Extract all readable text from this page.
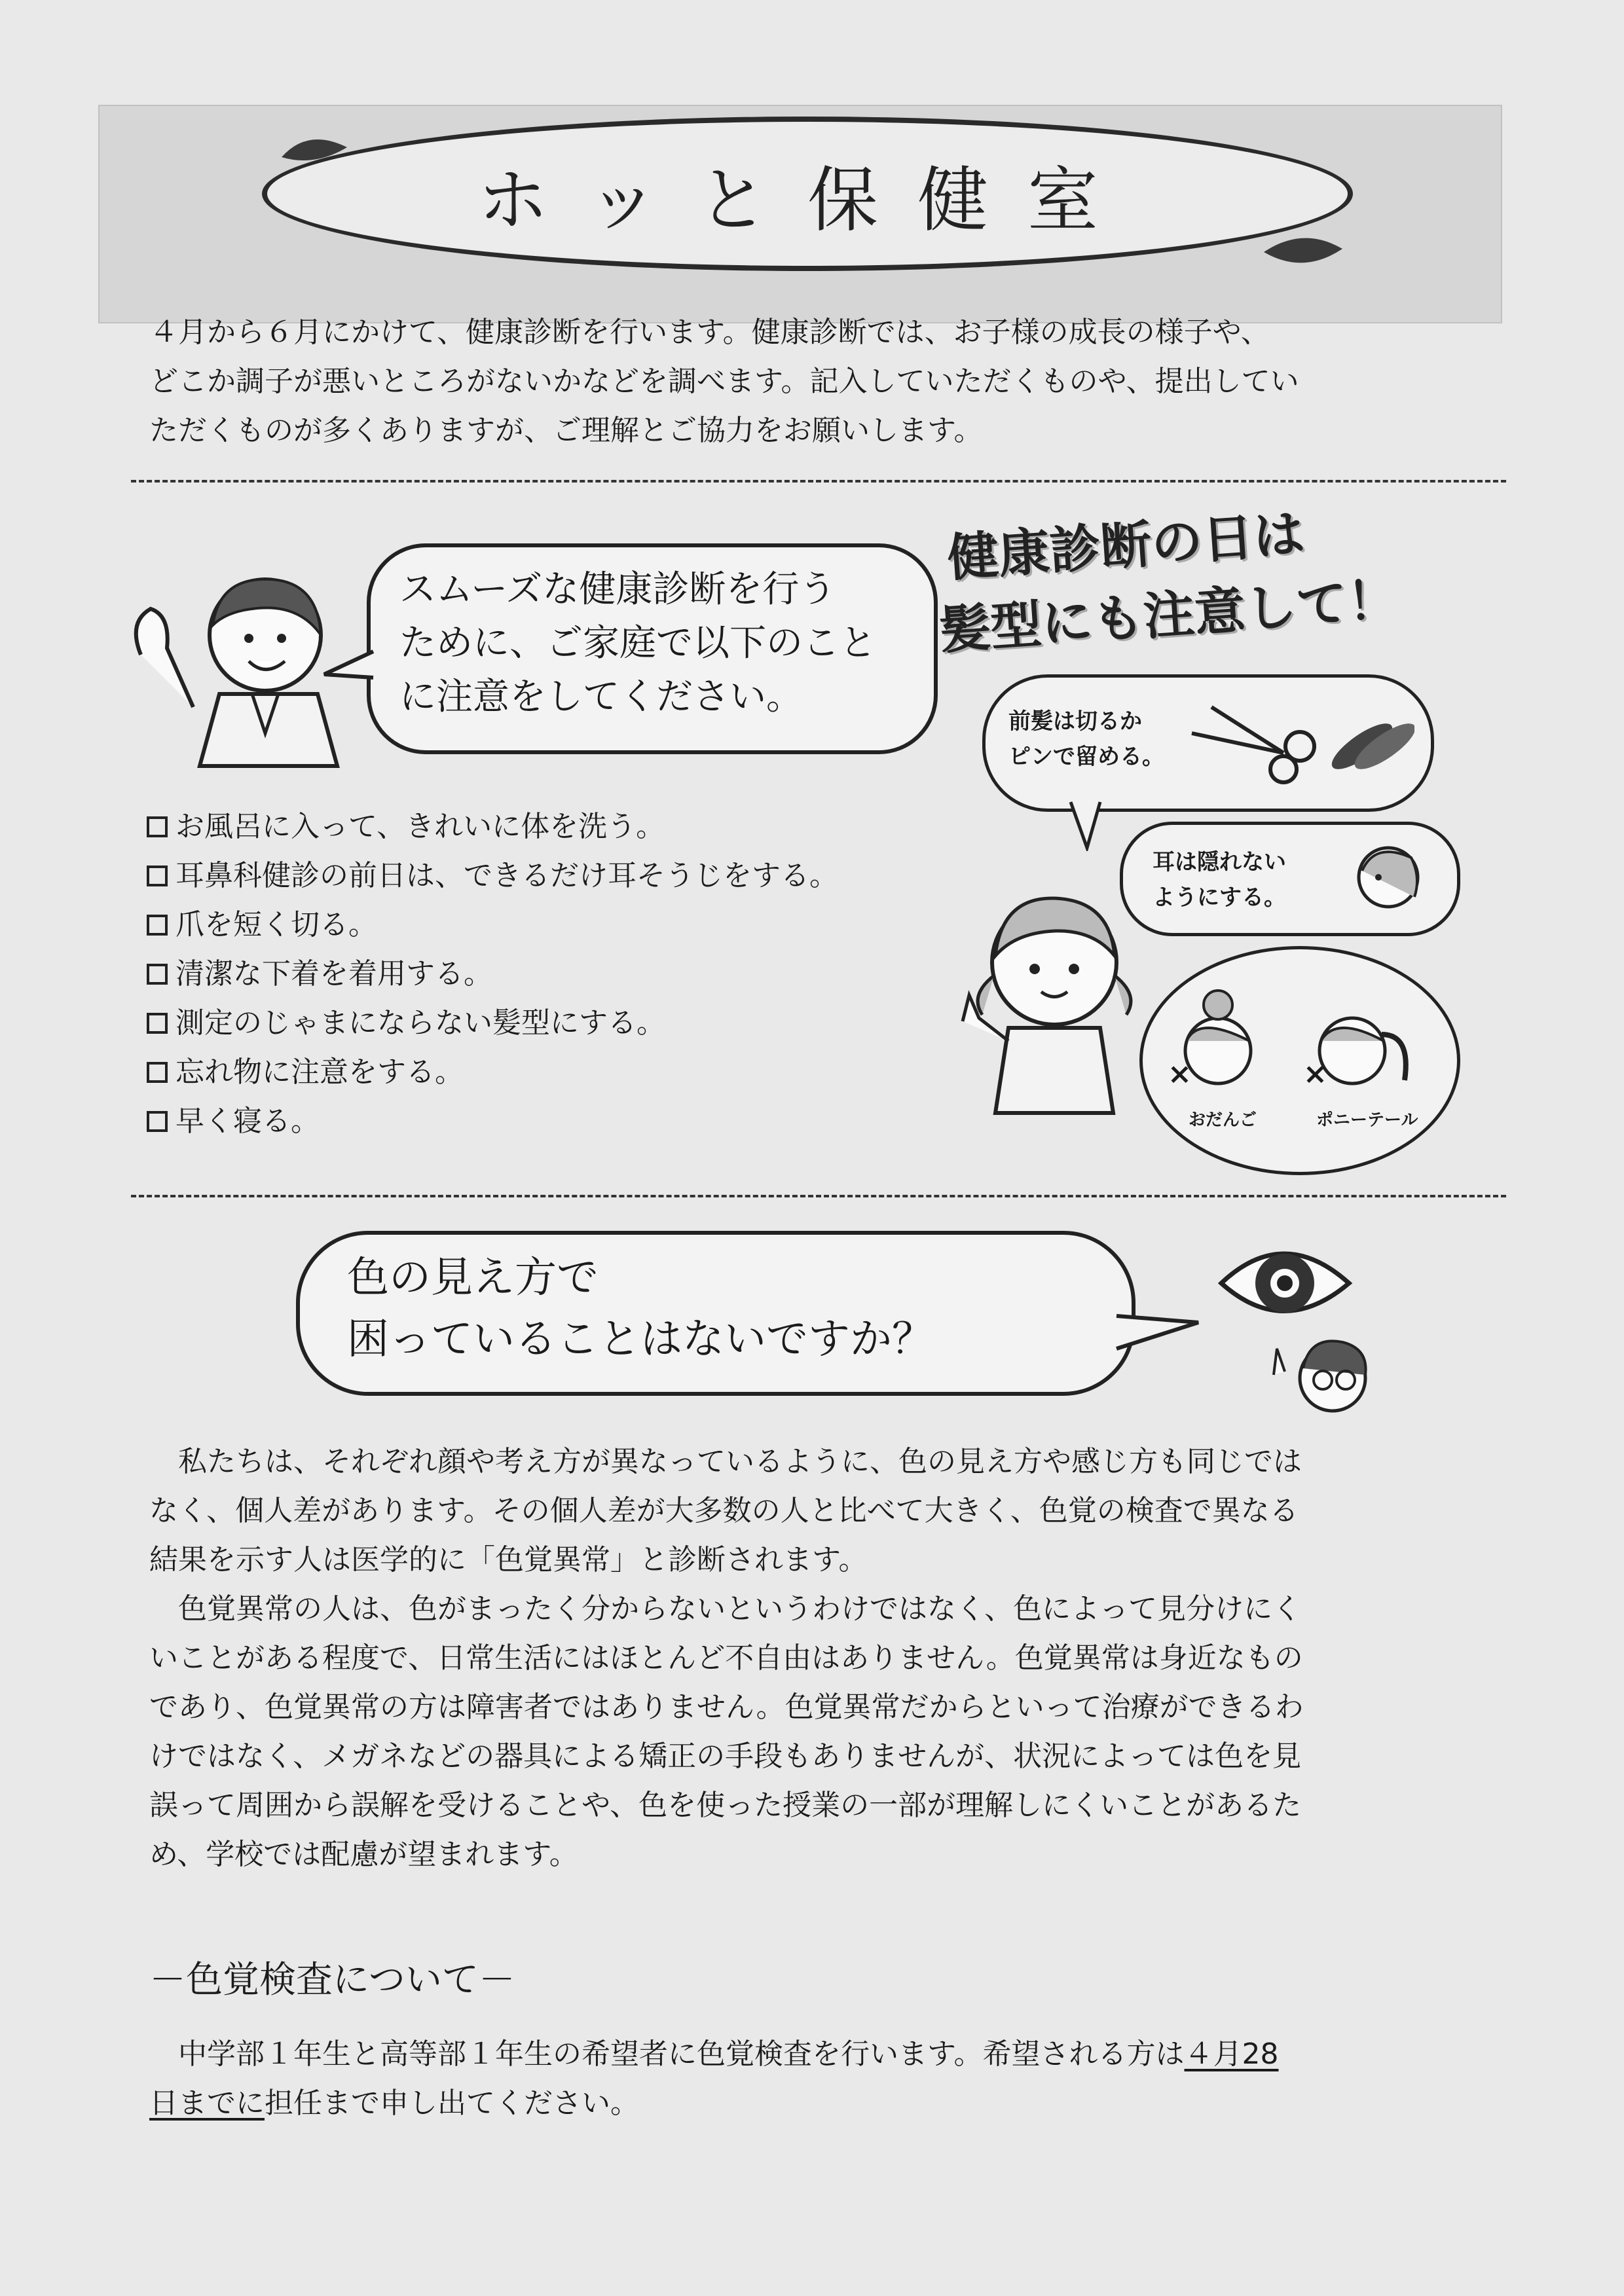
ホッと保健室
４月から６月にかけて、健康診断を行います。健康診断では、お子様の成長の様子や、
どこか調子が悪いところがないかなどを調べます。記入していただくものや、提出してい
ただくものが多くありますが、ご理解とご協力をお願いします。
スムーズな健康診断を行う
ために、ご家庭で以下のこと
に注意をしてください。
お風呂に入って、きれいに体を洗う。
耳鼻科健診の前日は、できるだけ耳そうじをする。
爪を短く切る。
清潔な下着を着用する。
測定のじゃまにならない髪型にする。
忘れ物に注意をする。
早く寝る。
健康診断の日は
髪型にも注意して！
前髪は切るか
ピンで留める。
耳は隠れない
ようにする。
×	×
おだんご	ポニーテール
色の見え方で
困っていることはないですか？
　私たちは、それぞれ顔や考え方が異なっているように、色の見え方や感じ方も同じでは
なく、個人差があります。その個人差が大多数の人と比べて大きく、色覚の検査で異なる
結果を示す人は医学的に「色覚異常」と診断されます。
　色覚異常の人は、色がまったく分からないというわけではなく、色によって見分けにく
いことがある程度で、日常生活にはほとんど不自由はありません。色覚異常は身近なもの
であり、色覚異常の方は障害者ではありません。色覚異常だからといって治療ができるわ
けではなく、メガネなどの器具による矯正の手段もありませんが、状況によっては色を見
誤って周囲から誤解を受けることや、色を使った授業の一部が理解しにくいことがあるた
め、学校では配慮が望まれます。
－色覚検査について－
　中学部１年生と高等部１年生の希望者に色覚検査を行います。希望される方は４月28
日までに担任まで申し出てください。
